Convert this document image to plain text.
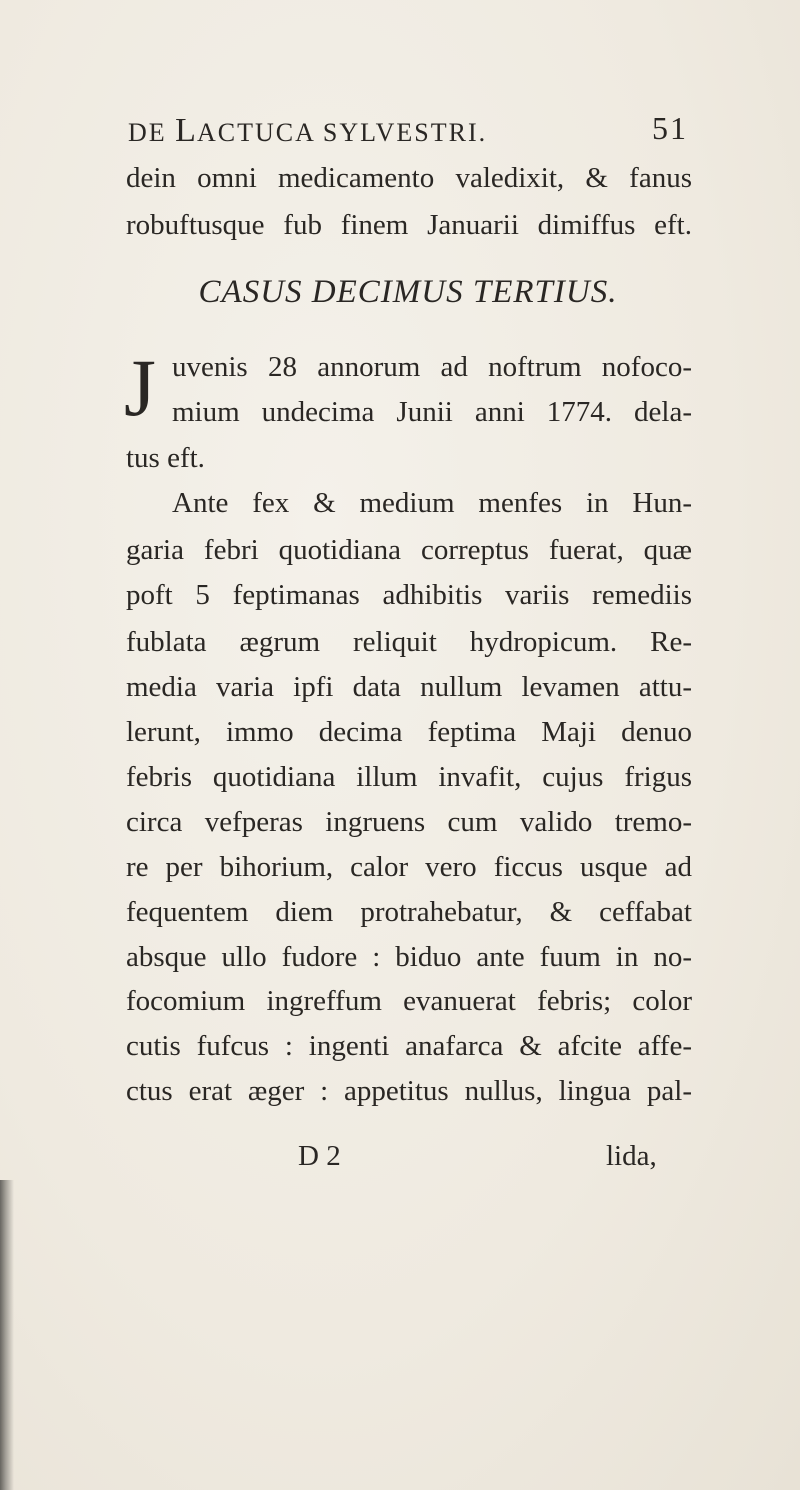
DE LACTUCA SYLVESTRI.	51
dein omni medicamento valedixit, & fanus
robuftusque fub finem Januarii dimiffus eft.
CASUS DECIMUS TERTIUS.
J uvenis 28 annorum ad noftrum nofoco-
mium undecima Junii anni 1774. dela-
tus eft.
Ante fex & medium menfes in Hun-
garia febri quotidiana correptus fuerat, quæ
poft 5 feptimanas adhibitis variis remediis
fublata ægrum reliquit hydropicum. Re-
media varia ipfi data nullum levamen attu-
lerunt, immo decima feptima Maji denuo
febris quotidiana illum invafit, cujus frigus
circa vefperas ingruens cum valido tremo-
re per bihorium, calor vero ficcus usque ad
fequentem diem protrahebatur, & ceffabat
absque ullo fudore : biduo ante fuum in no-
D 2	lida,
focomium ingreffum evanuerat febris; color
cutis fufcus : ingenti anafarca & afcite affe-
ctus erat æger : appetitus nullus, lingua pal-
